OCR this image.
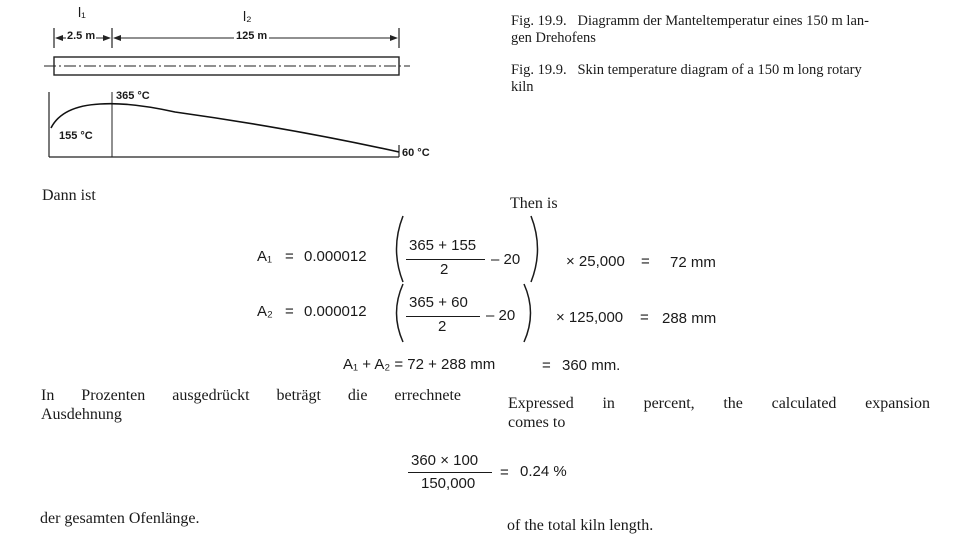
l₁	l₂
2.5 m	125 m
155 °C
365 °C
60 °C
Fig. 19.9. Diagramm der Manteltemperatur eines 150 m lan-
gen Drehofens
Fig. 19.9. Skin temperature diagram of a 150 m long rotary
kiln
Dann ist	Then is
A₁ = 0.000012
365 + 155
2
– 20	× 25,000 = 72 mm
A₂ = 0.000012
365 + 60
2
– 20	× 125,000 = 288 mm
A₁ + A₂ = 72 + 288 mm	= 360 mm.
In Prozenten ausgedrückt beträgt die errechnete
Ausdehnung
Expressed in percent, the calculated expansion
comes to
360 × 100
150,000
= 0.24 %
der gesamten Ofenlänge.	of the total kiln length.
